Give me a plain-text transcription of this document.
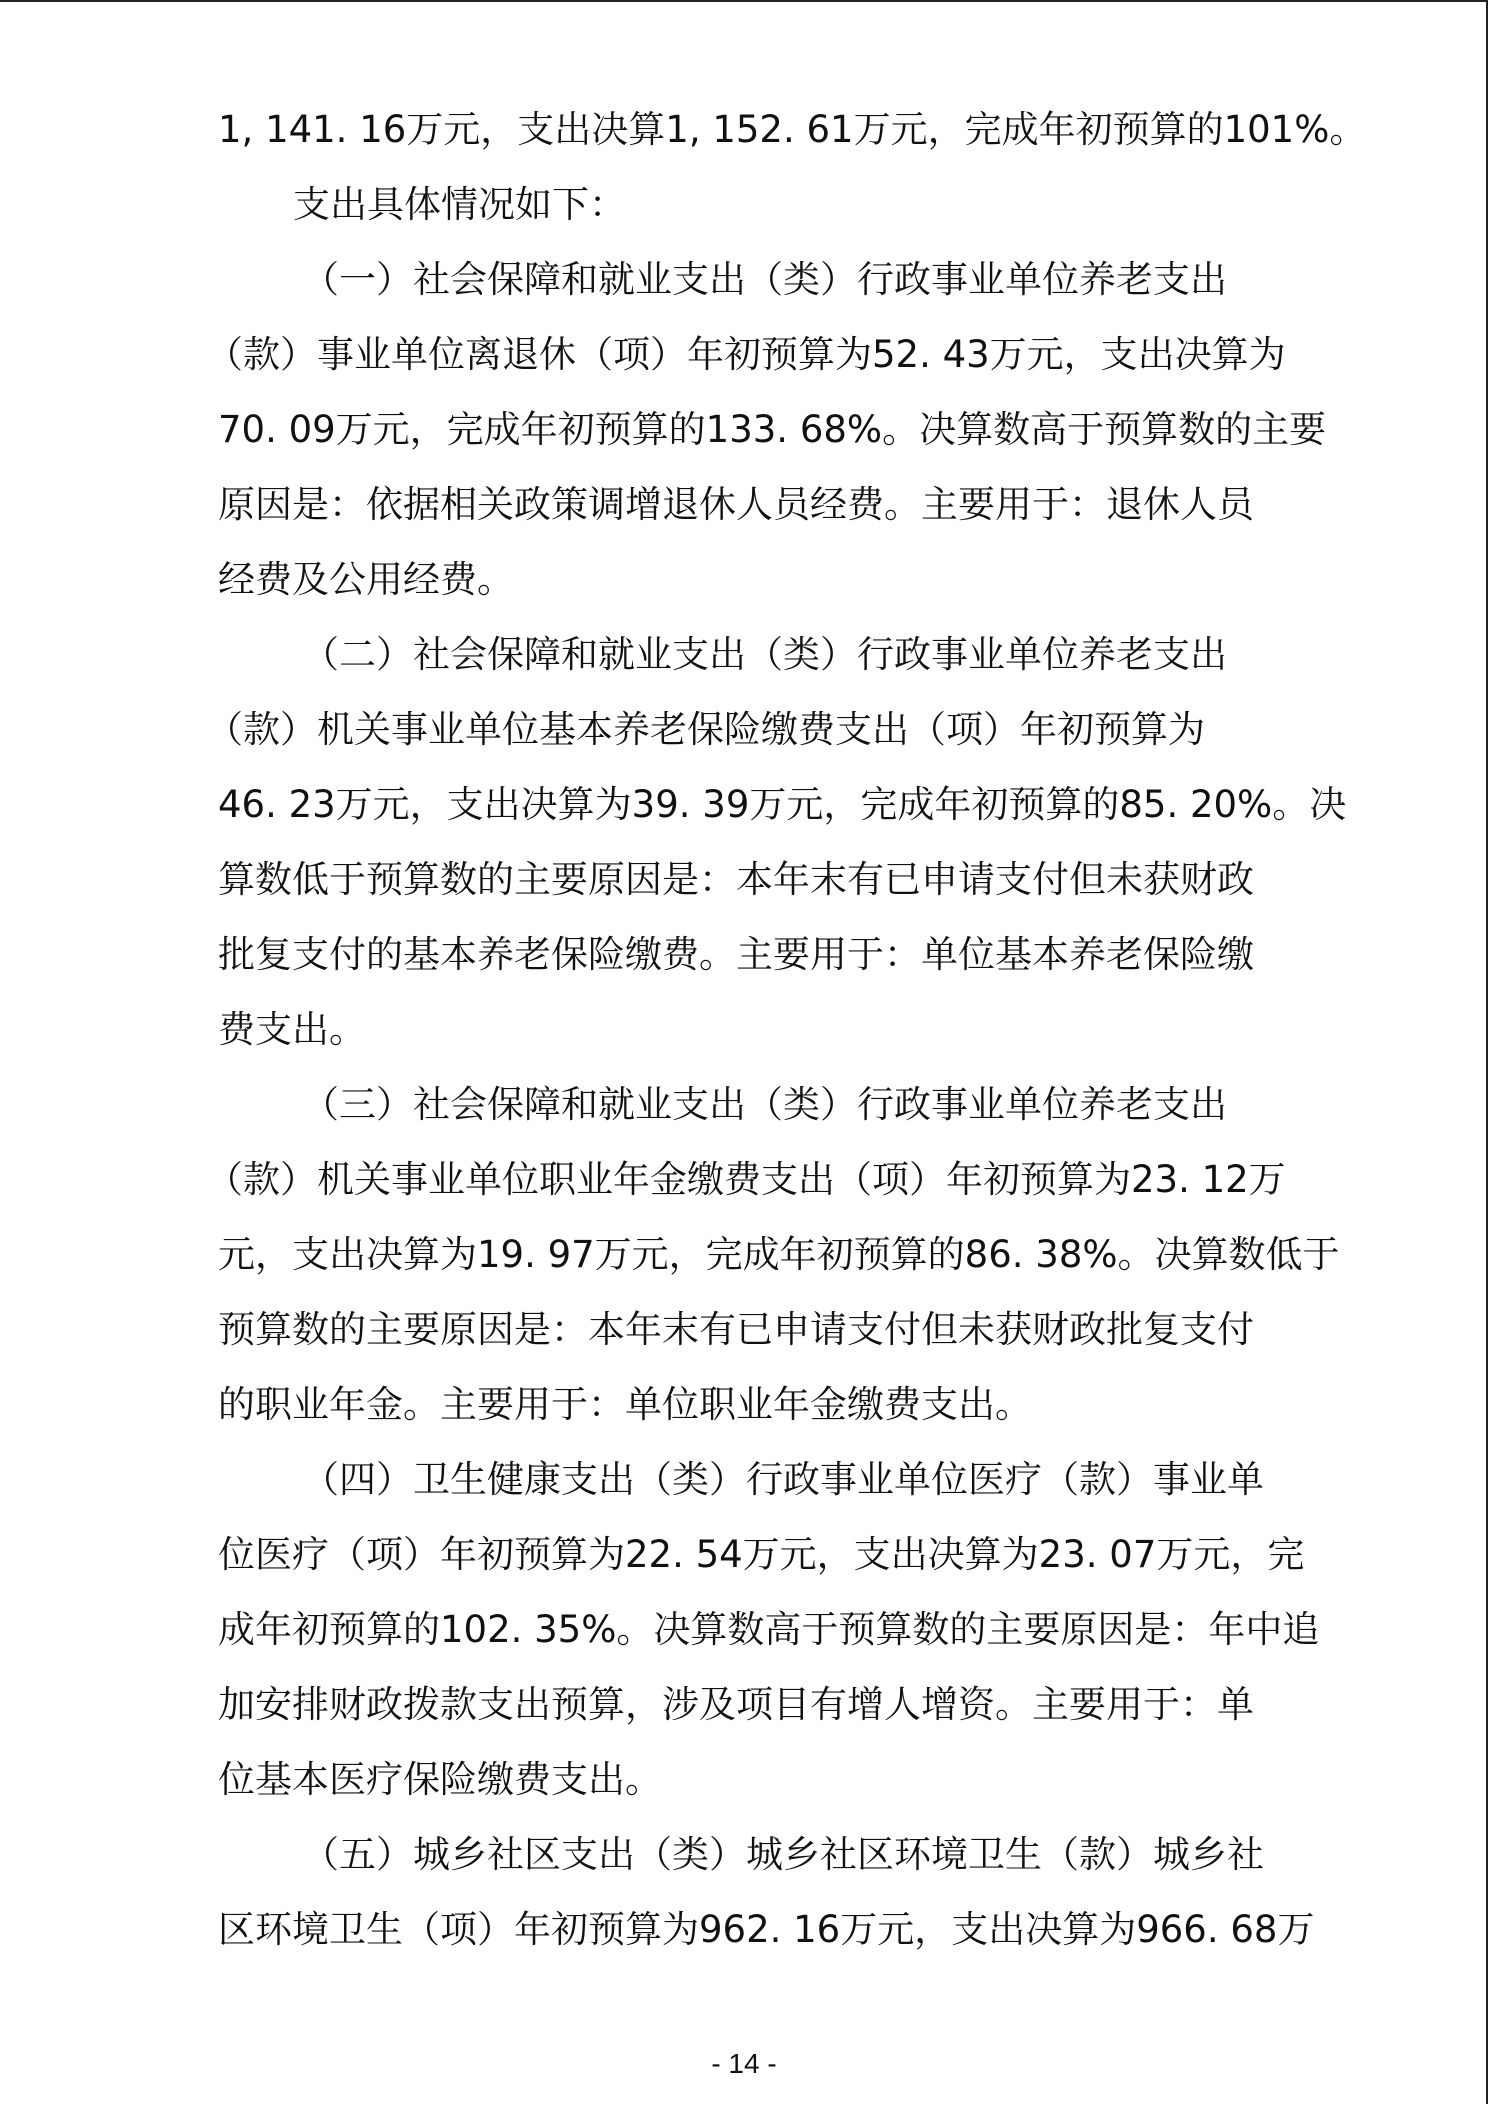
1, 141. 16万元，支出决算1, 152. 61万元，完成年初预算的101%。
支出具体情况如下：
（一）社会保障和就业支出（类）行政事业单位养老支出
（款）事业单位离退休（项）年初预算为52. 43万元，支出决算为
70. 09万元，完成年初预算的133. 68%。决算数高于预算数的主要
原因是：依据相关政策调增退休人员经费。主要用于：退休人员
经费及公用经费。
（二）社会保障和就业支出（类）行政事业单位养老支出
（款）机关事业单位基本养老保险缴费支出（项）年初预算为
46. 23万元，支出决算为39. 39万元，完成年初预算的85. 20%。决
算数低于预算数的主要原因是：本年末有已申请支付但未获财政
批复支付的基本养老保险缴费。主要用于：单位基本养老保险缴
费支出。
（三）社会保障和就业支出（类）行政事业单位养老支出
（款）机关事业单位职业年金缴费支出（项）年初预算为23. 12万
元，支出决算为19. 97万元，完成年初预算的86. 38%。决算数低于
预算数的主要原因是：本年末有已申请支付但未获财政批复支付
的职业年金。主要用于：单位职业年金缴费支出。
（四）卫生健康支出（类）行政事业单位医疗（款）事业单
位医疗（项）年初预算为22. 54万元，支出决算为23. 07万元，完
成年初预算的102. 35%。决算数高于预算数的主要原因是：年中追
加安排财政拨款支出预算，涉及项目有增人增资。主要用于：单
位基本医疗保险缴费支出。
（五）城乡社区支出（类）城乡社区环境卫生（款）城乡社
区环境卫生（项）年初预算为962. 16万元，支出决算为966. 68万
- 14 -
